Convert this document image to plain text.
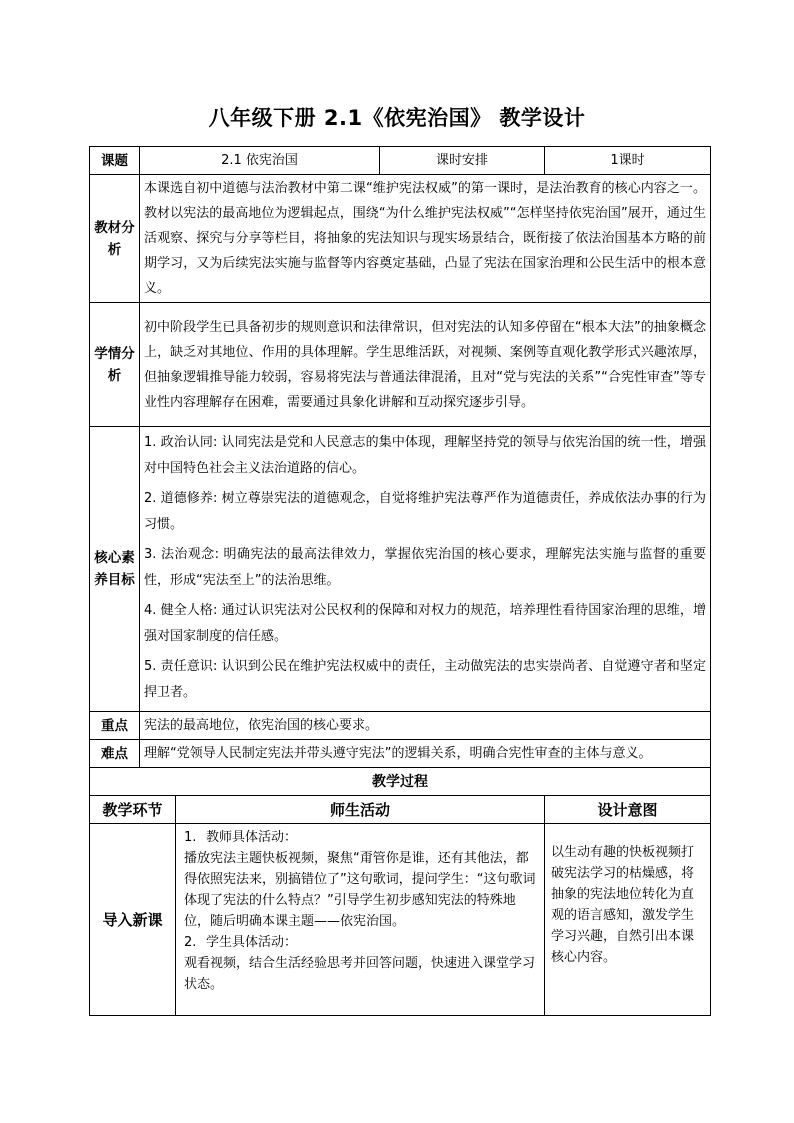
八年级下册 2.1《依宪治国》 教学设计
课题	2.1 依宪治国		课时安排	1课时
教材分析	本课选自初中道德与法治教材中第二课“维护宪法权威”的第一课时，是法治教育的核心内容之一。教材以宪法的最高地位为逻辑起点，围绕“为什么维护宪法权威”“怎样坚持依宪治国”展开，通过生活观察、探究与分享等栏目，将抽象的宪法知识与现实场景结合，既衔接了依法治国基本方略的前期学习，又为后续宪法实施与监督等内容奠定基础，凸显了宪法在国家治理和公民生活中的根本意义。			
学情分析	初中阶段学生已具备初步的规则意识和法律常识，但对宪法的认知多停留在“根本大法”的抽象概念上，缺乏对其地位、作用的具体理解。学生思维活跃，对视频、案例等直观化教学形式兴趣浓厚，但抽象逻辑推导能力较弱，容易将宪法与普通法律混淆，且对“党与宪法的关系”“合宪性审查”等专业性内容理解存在困难，需要通过具象化讲解和互动探究逐步引导。			
核心素养目标	1. 政治认同: 认同宪法是党和人民意志的集中体现，理解坚持党的领导与依宪治国的统一性，增强对中国特色社会主义法治道路的信心。

2. 道德修养: 树立尊崇宪法的道德观念，自觉将维护宪法尊严作为道德责任，养成依法办事的行为习惯。

3. 法治观念: 明确宪法的最高法律效力，掌握依宪治国的核心要求，理解宪法实施与监督的重要性，形成“宪法至上”的法治思维。

4. 健全人格: 通过认识宪法对公民权利的保障和对权力的规范，培养理性看待国家治理的思维，增强对国家制度的信任感。

5. 责任意识: 认识到公民在维护宪法权威中的责任，主动做宪法的忠实崇尚者、自觉遵守者和坚定捍卫者。			

重点	宪法的最高地位，依宪治国的核心要求。			
难点	理解“党领导人民制定宪法并带头遵守宪法”的逻辑关系，明确合宪性审查的主体与意义。			
教学过程				
教学环节		师生活动		设计意图
导入新课		1. 教师具体活动：

播放宪法主题快板视频，聚焦“甭管你是谁，还有其他法，都得依照宪法来，别搞错位了”这句歌词，提问学生：“这句歌词体现了宪法的什么特点？”引导学生初步感知宪法的特殊地位，随后明确本课主题——依宪治国。

2. 学生具体活动：

观看视频，结合生活经验思考并回答问题，快速进入课堂学习状态。		以生动有趣的快板视频打破宪法学习的枯燥感，将抽象的宪法地位转化为直观的语言感知，激发学生学习兴趣，自然引出本课核心内容。
